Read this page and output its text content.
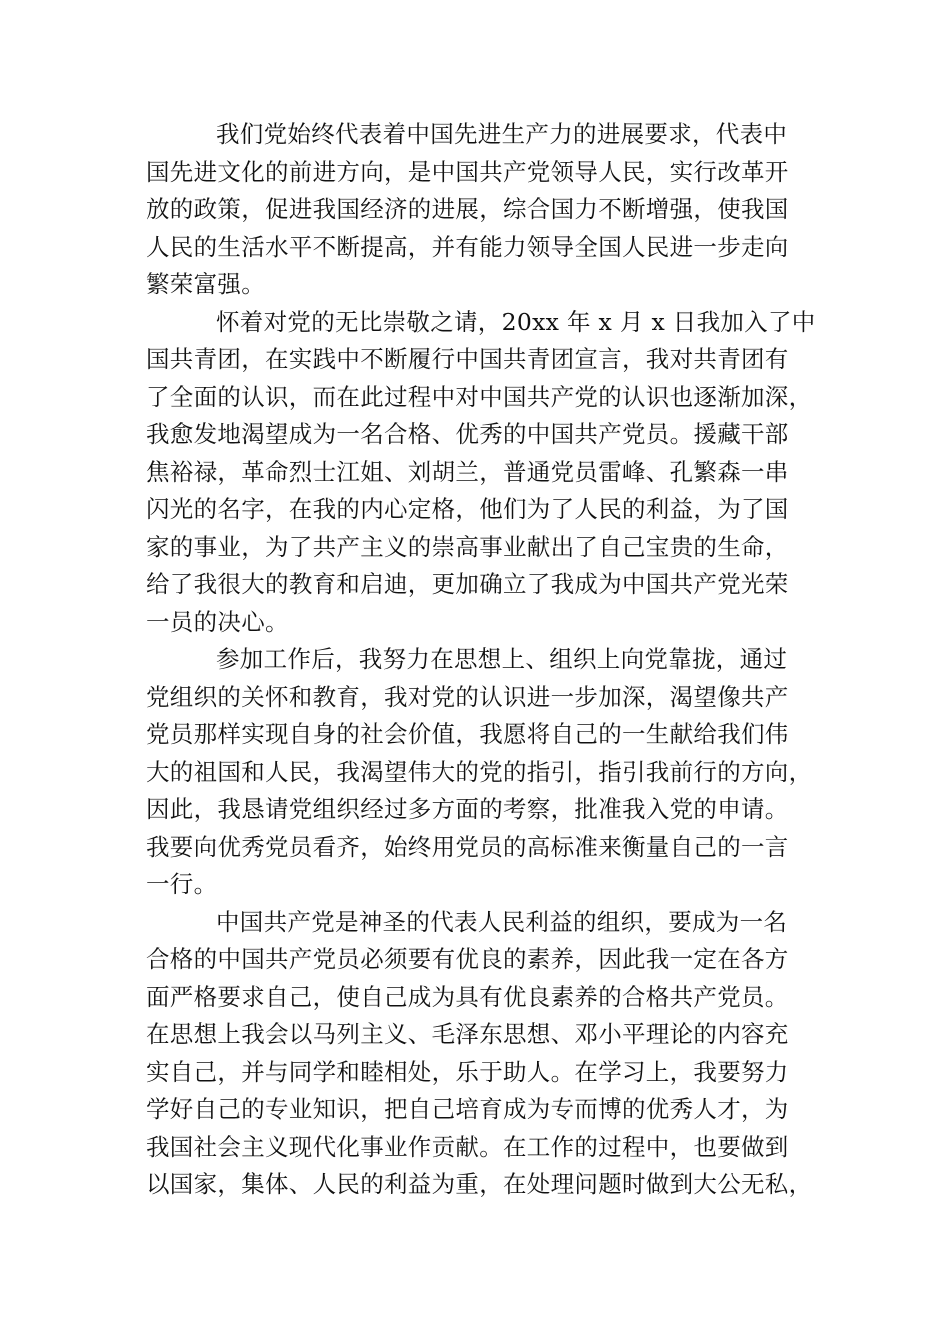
我们党始终代表着中国先进生产力的进展要求，代表中
国先进文化的前进方向，是中国共产党领导人民，实行改革开
放的政策，促进我国经济的进展，综合国力不断增强，使我国
人民的生活水平不断提高，并有能力领导全国人民进一步走向
繁荣富强。
怀着对党的无比崇敬之请，20xx 年 x 月 x 日我加入了中
国共青团，在实践中不断履行中国共青团宣言，我对共青团有
了全面的认识，而在此过程中对中国共产党的认识也逐渐加深，
我愈发地渴望成为一名合格、优秀的中国共产党员。援藏干部
焦裕禄，革命烈士江姐、刘胡兰，普通党员雷峰、孔繁森一串
闪光的名字，在我的内心定格，他们为了人民的利益，为了国
家的事业，为了共产主义的崇高事业献出了自己宝贵的生命，
给了我很大的教育和启迪，更加确立了我成为中国共产党光荣
一员的决心。
参加工作后，我努力在思想上、组织上向党靠拢，通过
党组织的关怀和教育，我对党的认识进一步加深，渴望像共产
党员那样实现自身的社会价值，我愿将自己的一生献给我们伟
大的祖国和人民，我渴望伟大的党的指引，指引我前行的方向，
因此，我恳请党组织经过多方面的考察，批准我入党的申请。
我要向优秀党员看齐，始终用党员的高标准来衡量自己的一言
一行。
中国共产党是神圣的代表人民利益的组织，要成为一名
合格的中国共产党员必须要有优良的素养，因此我一定在各方
面严格要求自己，使自己成为具有优良素养的合格共产党员。
在思想上我会以马列主义、毛泽东思想、邓小平理论的内容充
实自己，并与同学和睦相处，乐于助人。在学习上，我要努力
学好自己的专业知识，把自己培育成为专而博的优秀人才，为
我国社会主义现代化事业作贡献。在工作的过程中，也要做到
以国家，集体、人民的利益为重，在处理问题时做到大公无私，
